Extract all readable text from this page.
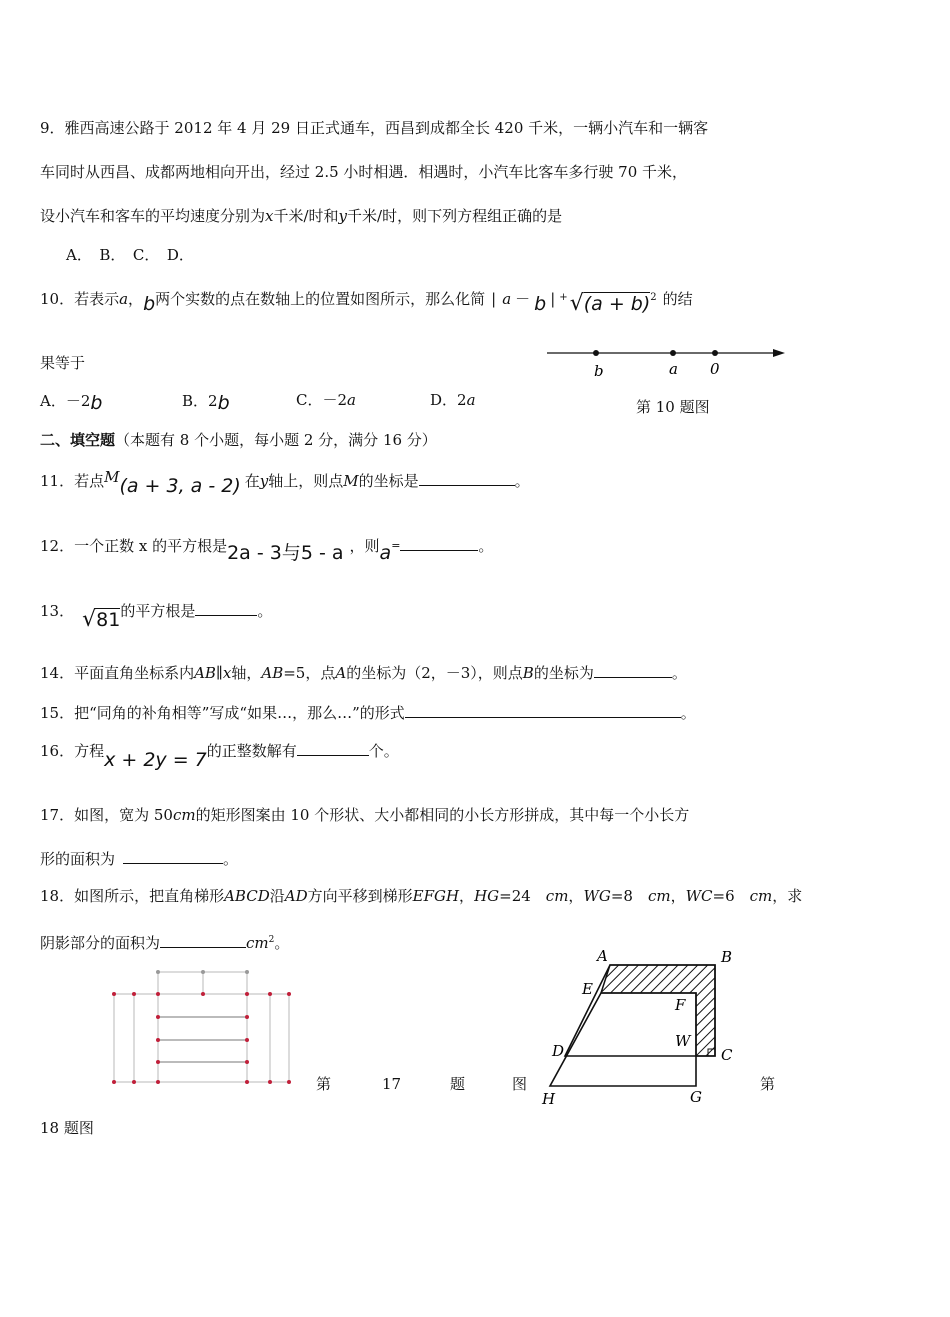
9．雅西高速公路于 2012 年 4 月 29 日正式通车，西昌到成都全长 420 千米，一辆小汽车和一辆客
车同时从西昌、成都两地相向开出，经过 2.5 小时相遇．相遇时，小汽车比客车多行驶 70 千米，
设小汽车和客车的平均速度分别为x千米/时和y千米/时，则下列方程组正确的是
A．　B．　C．　D．
10．若表示a，b两个实数的点在数轴上的位置如图所示，那么化简 | a － b | $^+√(a + b)^2$ 的结
果等于	b	a 0
A．－2b	B．2b	C．－2a	D．2a	第 10 题图
二、填空题（本题有 8 个小题，每小题 2 分，满分 16 分）
11．若点M(a + 3, a - 2) 在y轴上，则点M的坐标是	。
12．一个正数 x 的平方根是2a - 3与5 - a ，则a=	。
13． √81的平方根是	。
14．平面直角坐标系内AB∥x轴，AB=5，点A的坐标为（2，－3），则点B的坐标为	。
15．把“同角的补角相等”写成“如果…，那么…”的形式	。
16．方程x + 2y = 7的正整数解有	个。
17．如图，宽为 50cm的矩形图案由 10 个形状、大小都相同的小长方形拼成，其中每一个小长方
形的面积为	。
18．如图所示，把直角梯形ABCD沿AD方向平移到梯形EFGH，HG=24　cm，WG=8　cm，WC=6　cm，求
阴影部分的面积为	$cm^2$。
第	17	题	图
A	B
E
F
D
W
C
H	G
第
18 题图
